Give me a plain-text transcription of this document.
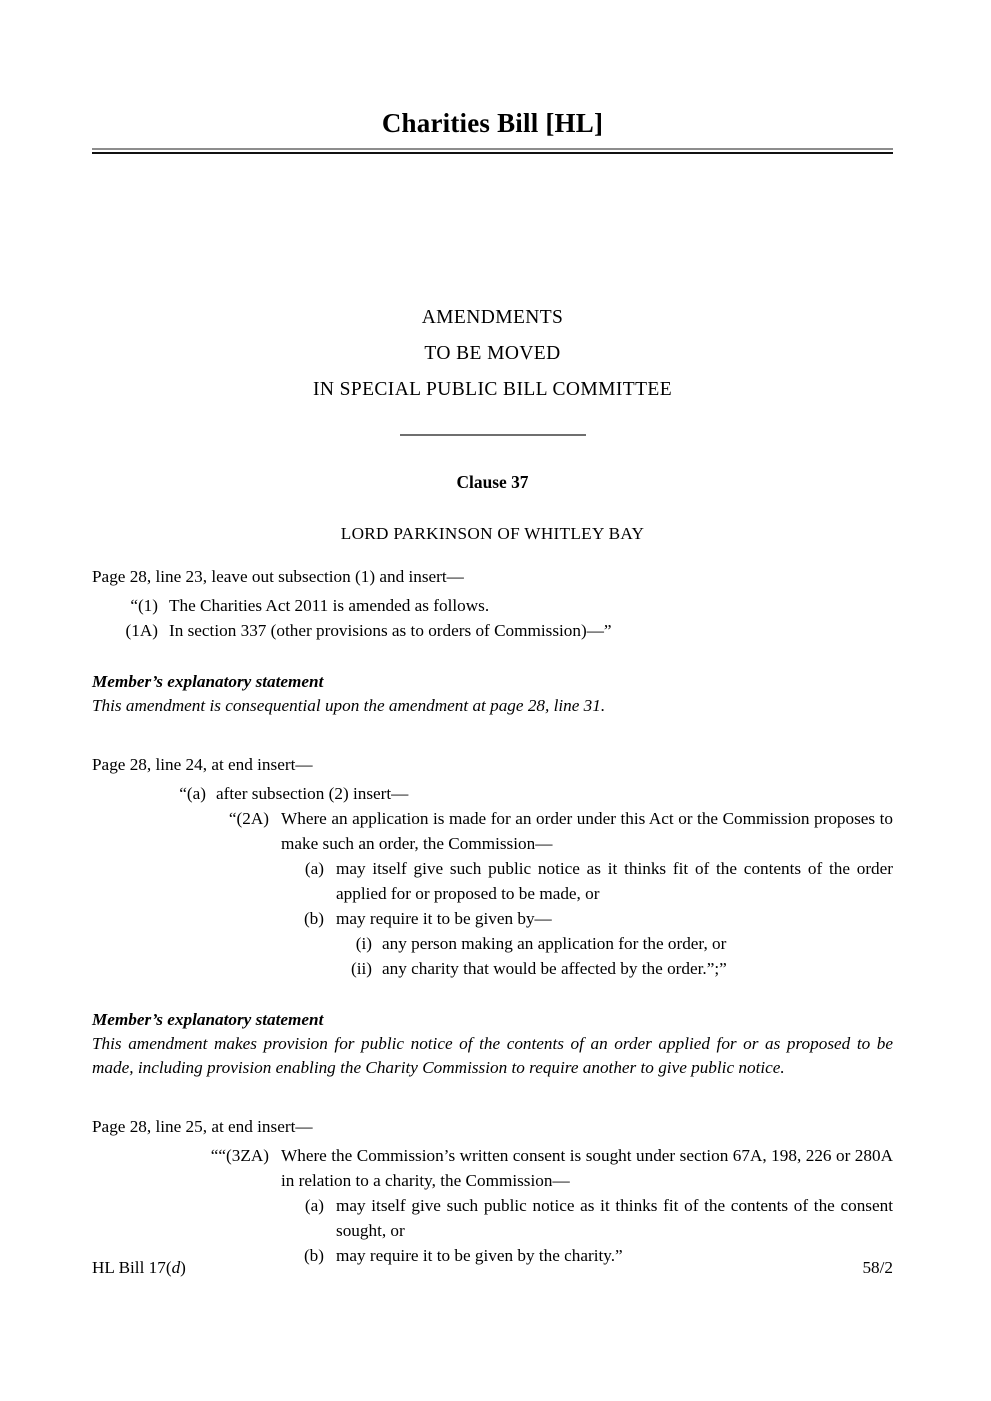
Charities Bill [HL]
AMENDMENTS
TO BE MOVED
IN SPECIAL PUBLIC BILL COMMITTEE
Clause 37
LORD PARKINSON OF WHITLEY BAY
Page 28, line 23, leave out subsection (1) and insert—
“(1) The Charities Act 2011 is amended as follows.
(1A) In section 337 (other provisions as to orders of Commission)—”
Member’s explanatory statement
This amendment is consequential upon the amendment at page 28, line 31.
Page 28, line 24, at end insert—
“(a) after subsection (2) insert—
“(2A) Where an application is made for an order under this Act or the Commission proposes to make such an order, the Commission—
(a) may itself give such public notice as it thinks fit of the contents of the order applied for or proposed to be made, or
(b) may require it to be given by—
(i) any person making an application for the order, or
(ii) any charity that would be affected by the order.”;”
Member’s explanatory statement
This amendment makes provision for public notice of the contents of an order applied for or as proposed to be made, including provision enabling the Charity Commission to require another to give public notice.
Page 28, line 25, at end insert—
““(3ZA) Where the Commission’s written consent is sought under section 67A, 198, 226 or 280A in relation to a charity, the Commission—
(a) may itself give such public notice as it thinks fit of the contents of the consent sought, or
(b) may require it to be given by the charity.”
HL Bill 17(d)	58/2
